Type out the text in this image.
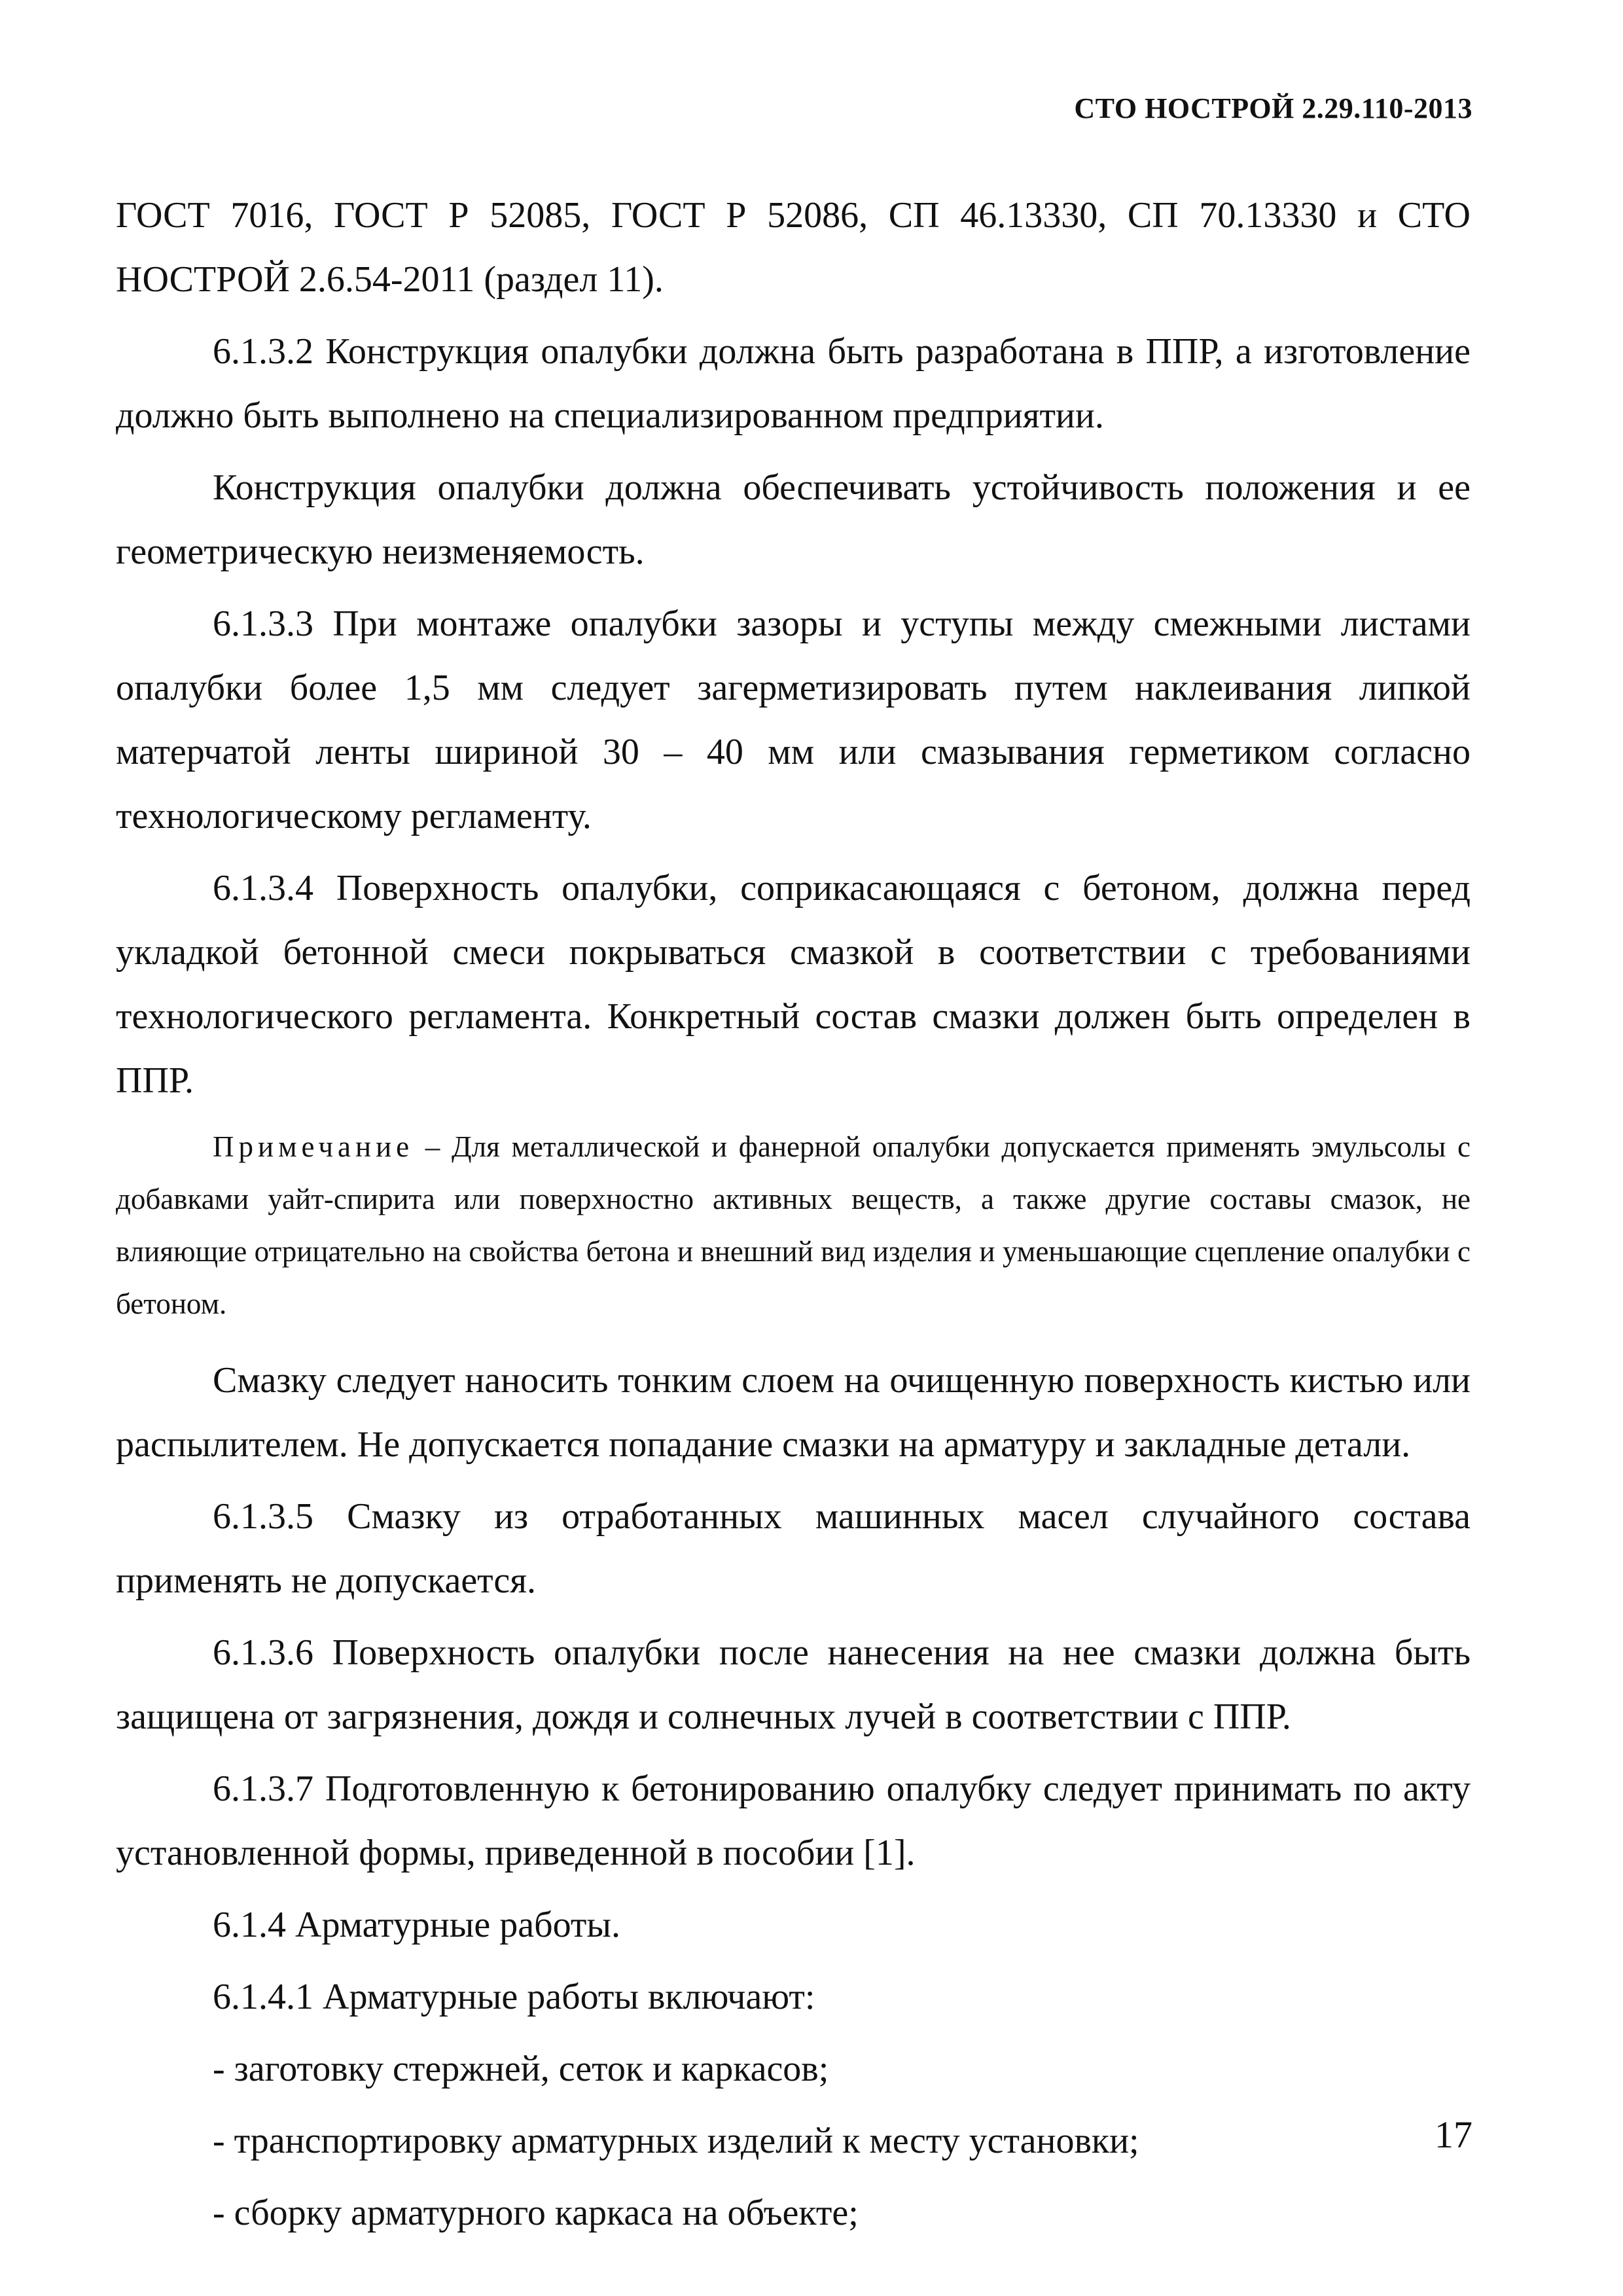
СТО НОСТРОЙ 2.29.110-2013

ГОСТ 7016, ГОСТ Р 52085, ГОСТ Р 52086, СП 46.13330, СП 70.13330 и СТО НОСТРОЙ 2.6.54-2011 (раздел 11).

6.1.3.2 Конструкция опалубки должна быть разработана в ППР, а изготовление должно быть выполнено на специализированном предприятии.

Конструкция опалубки должна обеспечивать устойчивость положения и ее геометрическую неизменяемость.

6.1.3.3 При монтаже опалубки зазоры и уступы между смежными листами опалубки более 1,5 мм следует загерметизировать путем наклеивания липкой матерчатой ленты шириной 30 – 40 мм или смазывания герметиком согласно технологическому регламенту.

6.1.3.4 Поверхность опалубки, соприкасающаяся с бетоном, должна перед укладкой бетонной смеси покрываться смазкой в соответствии с требованиями технологического регламента. Конкретный состав смазки должен быть определен в ППР.

Примечание – Для металлической и фанерной опалубки допускается применять эмульсолы с добавками уайт-спирита или поверхностно активных веществ, а также другие составы смазок, не влияющие отрицательно на свойства бетона и внешний вид изделия и уменьшающие сцепление опалубки с бетоном.

Смазку следует наносить тонким слоем на очищенную поверхность кистью или распылителем. Не допускается попадание смазки на арматуру и закладные детали.

6.1.3.5 Смазку из отработанных машинных масел случайного состава применять не допускается.

6.1.3.6 Поверхность опалубки после нанесения на нее смазки должна быть защищена от загрязнения, дождя и солнечных лучей в соответствии с ППР.

6.1.3.7 Подготовленную к бетонированию опалубку следует принимать по акту установленной формы, приведенной в пособии [1].

6.1.4 Арматурные работы.

6.1.4.1 Арматурные работы включают:

- заготовку стержней, сеток и каркасов;
- транспортировку арматурных изделий к месту установки;
- сборку арматурного каркаса на объекте;
17
